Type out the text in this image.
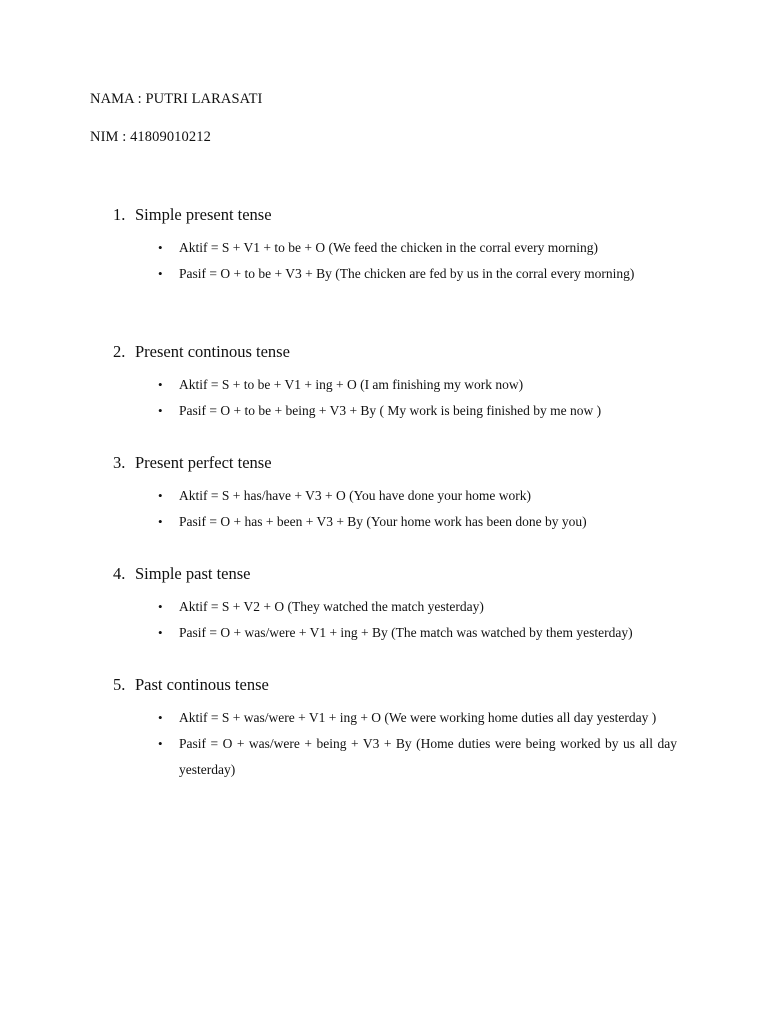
NAMA : PUTRI LARASATI
NIM : 41809010212
1. Simple present tense
• Aktif = S + V1 + to be + O (We feed the chicken in the corral every morning)
• Pasif = O + to be + V3 + By (The chicken are fed by us in the corral every morning)
2. Present continous tense
• Aktif = S + to be + V1 + ing + O (I am finishing my work now)
• Pasif = O + to be + being + V3 + By ( My work is being finished by me now )
3. Present perfect tense
• Aktif = S + has/have + V3 + O (You have done your home work)
• Pasif = O + has + been + V3 + By (Your home work has been done by you)
4. Simple past tense
• Aktif = S + V2 + O (They watched the match yesterday)
• Pasif = O + was/were + V1 + ing + By (The match was watched by them yesterday)
5. Past continous tense
• Aktif = S + was/were + V1 + ing + O (We were working home duties all day yesterday )
• Pasif = O + was/were + being + V3 + By (Home duties were being worked by us all day yesterday)
